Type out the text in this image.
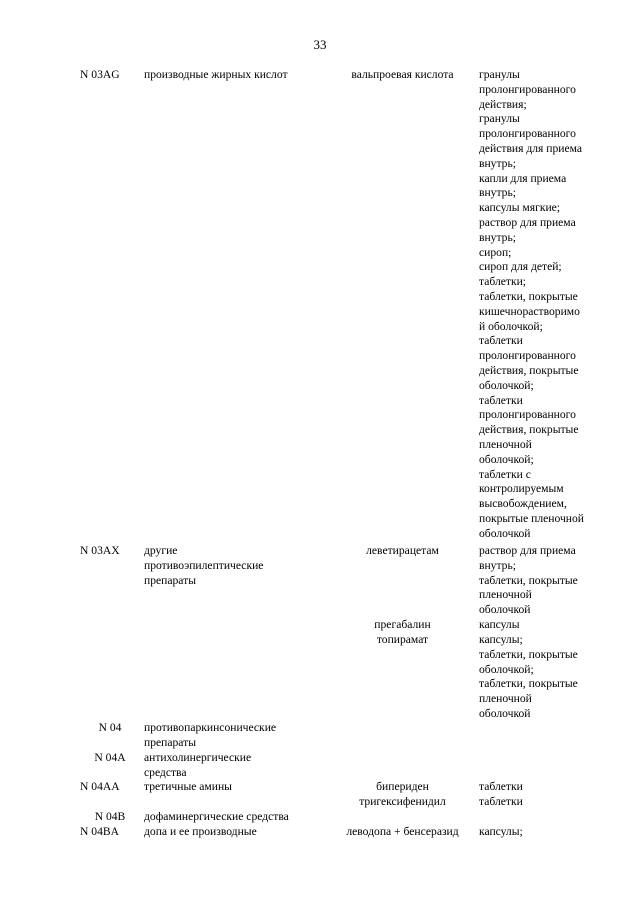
33
N 03AG	производные жирных кислот	вальпроевая кислота	гранулы
пролонгированного
действия;
гранулы
пролонгированного
действия для приема
внутрь;
капли для приема
внутрь;
капсулы мягкие;
раствор для приема
внутрь;
сироп;
сироп для детей;
таблетки;
таблетки, покрытые
кишечнорастворимо
й оболочкой;
таблетки
пролонгированного
действия, покрытые
оболочкой;
таблетки
пролонгированного
действия, покрытые
пленочной
оболочкой;
таблетки с
контролируемым
высвобождением,
покрытые пленочной
оболочкой
N 03AX	другие
противоэпилептические
препараты
леветирацетам	раствор для приема
внутрь;
таблетки, покрытые
пленочной
оболочкой
прегабалин	капсулы
топирамат	капсулы;
таблетки, покрытые
оболочкой;
таблетки, покрытые
пленочной
оболочкой
N 04	противопаркинсонические
препараты
N 04A	антихолинергические
средства
N 04AA	третичные амины	бипериден	таблетки
тригексифенидил	таблетки
N 04B	дофаминергические средства
N 04BA	допа и ее производные	леводопа + бенсеразид	капсулы;
